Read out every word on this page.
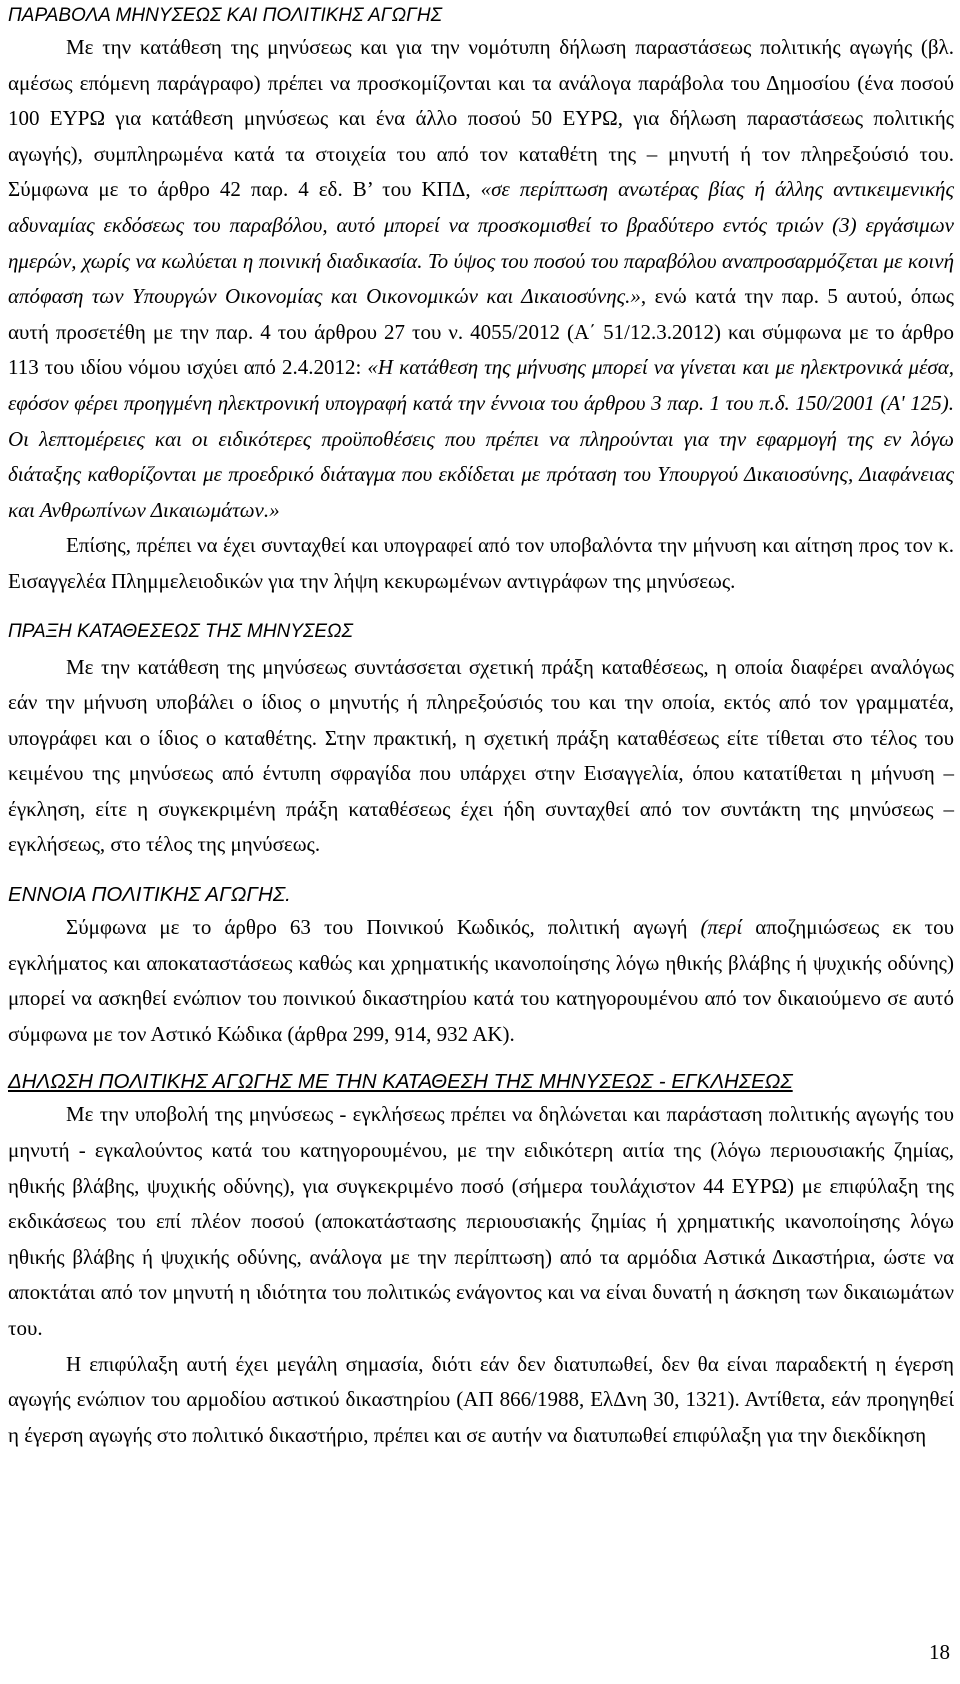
ΠΑΡΑΒΟΛΑ ΜΗΝΥΣΕΩΣ ΚΑΙ ΠΟΛΙΤΙΚΗΣ ΑΓΩΓΗΣ

Με την κατάθεση της μηνύσεως και για την νομότυπη δήλωση παραστάσεως πολιτικής αγωγής (βλ. αμέσως επόμενη παράγραφο) πρέπει να προσκομίζονται και τα ανάλογα παράβολα του Δημοσίου (ένα ποσού 100 ΕΥΡΩ για κατάθεση μηνύσεως και ένα άλλο ποσού 50 ΕΥΡΩ, για δήλωση παραστάσεως πολιτικής αγωγής), συμπληρωμένα κατά τα στοιχεία του από τον καταθέτη της – μηνυτή ή τον πληρεξούσιό του. Σύμφωνα με το άρθρο 42 παρ. 4 εδ. Β’ του ΚΠΔ, «σε περίπτωση ανωτέρας βίας ή άλλης αντικειμενικής αδυναμίας εκδόσεως του παραβόλου, αυτό μπορεί να προσκομισθεί το βραδύτερο εντός τριών (3) εργάσιμων ημερών, χωρίς να κωλύεται η ποινική διαδικασία. Το ύψος του ποσού του παραβόλου αναπροσαρμόζεται με κοινή απόφαση των Υπουργών Οικονομίας και Οικονομικών και Δικαιοσύνης.», ενώ κατά την παρ. 5 αυτού, όπως αυτή προσετέθη με την παρ. 4 του άρθρου 27 του ν. 4055/2012 (Α΄ 51/12.3.2012) και σύμφωνα με το άρθρο 113 του ιδίου νόμου ισχύει από 2.4.2012: «Η κατάθεση της μήνυσης μπορεί να γίνεται και με ηλεκτρονικά μέσα, εφόσον φέρει προηγμένη ηλεκτρονική υπογραφή κατά την έννοια του άρθρου 3 παρ. 1 του π.δ. 150/2001 (Α' 125). Οι λεπτομέρειες και οι ειδικότερες προϋποθέσεις που πρέπει να πληρούνται για την εφαρμογή της εν λόγω διάταξης καθορίζονται με προεδρικό διάταγμα που εκδίδεται με πρόταση του Υπουργού Δικαιοσύνης, Διαφάνειας και Ανθρωπίνων Δικαιωμάτων.»

Επίσης, πρέπει να έχει συνταχθεί και υπογραφεί από τον υποβαλόντα την μήνυση και αίτηση προς τον κ. Εισαγγελέα Πλημμελειοδικών για την λήψη κεκυρωμένων αντιγράφων της μηνύσεως.

ΠΡΑΞΗ ΚΑΤΑΘΕΣΕΩΣ ΤΗΣ ΜΗΝΥΣΕΩΣ

Με την κατάθεση της μηνύσεως συντάσσεται σχετική πράξη καταθέσεως, η οποία διαφέρει αναλόγως εάν την μήνυση υποβάλει ο ίδιος ο μηνυτής ή πληρεξούσιός του και την οποία, εκτός από τον γραμματέα, υπογράφει και ο ίδιος ο καταθέτης. Στην πρακτική, η σχετική πράξη καταθέσεως είτε τίθεται στο τέλος του κειμένου της μηνύσεως από έντυπη σφραγίδα που υπάρχει στην Εισαγγελία, όπου κατατίθεται η μήνυση – έγκληση, είτε η συγκεκριμένη πράξη καταθέσεως έχει ήδη συνταχθεί από τον συντάκτη της μηνύσεως – εγκλήσεως, στο τέλος της μηνύσεως.

ΕΝΝΟΙΑ ΠΟΛΙΤΙΚΗΣ ΑΓΩΓΗΣ.

Σύμφωνα με το άρθρο 63 του Ποινικού Κωδικός, πολιτική αγωγή (περί αποζημιώσεως εκ του εγκλήματος και αποκαταστάσεως καθώς και χρηματικής ικανοποίησης λόγω ηθικής βλάβης ή ψυχικής οδύνης) μπορεί να ασκηθεί ενώπιον του ποινικού δικαστηρίου κατά του κατηγορουμένου από τον δικαιούμενο σε αυτό σύμφωνα με τον Αστικό Κώδικα (άρθρα 299, 914, 932 ΑΚ).

ΔΗΛΩΣΗ ΠΟΛΙΤΙΚΗΣ ΑΓΩΓΗΣ ΜΕ ΤΗΝ ΚΑΤΑΘΕΣΗ ΤΗΣ ΜΗΝΥΣΕΩΣ - ΕΓΚΛΗΣΕΩΣ

Με την υποβολή της μηνύσεως - εγκλήσεως πρέπει να δηλώνεται και παράσταση πολιτικής αγωγής του μηνυτή - εγκαλούντος κατά του κατηγορουμένου, με την ειδικότερη αιτία της (λόγω περιουσιακής ζημίας, ηθικής βλάβης, ψυχικής οδύνης), για συγκεκριμένο ποσό (σήμερα τουλάχιστον 44 ΕΥΡΩ) με επιφύλαξη της εκδικάσεως του επί πλέον ποσού (αποκατάστασης περιουσιακής ζημίας ή χρηματικής ικανοποίησης λόγω ηθικής βλάβης ή ψυχικής οδύνης, ανάλογα με την περίπτωση) από τα αρμόδια Αστικά Δικαστήρια, ώστε να αποκτάται από τον μηνυτή η ιδιότητα του πολιτικώς ενάγοντος και να είναι δυνατή η άσκηση των δικαιωμάτων του.

Η επιφύλαξη αυτή έχει μεγάλη σημασία, διότι εάν δεν διατυπωθεί, δεν θα είναι παραδεκτή η έγερση αγωγής ενώπιον του αρμοδίου αστικού δικαστηρίου (ΑΠ 866/1988, ΕλΔνη 30, 1321). Αντίθετα, εάν προηγηθεί η έγερση αγωγής στο πολιτικό δικαστήριο, πρέπει και σε αυτήν να διατυπωθεί επιφύλαξη για την διεκδίκηση

18
